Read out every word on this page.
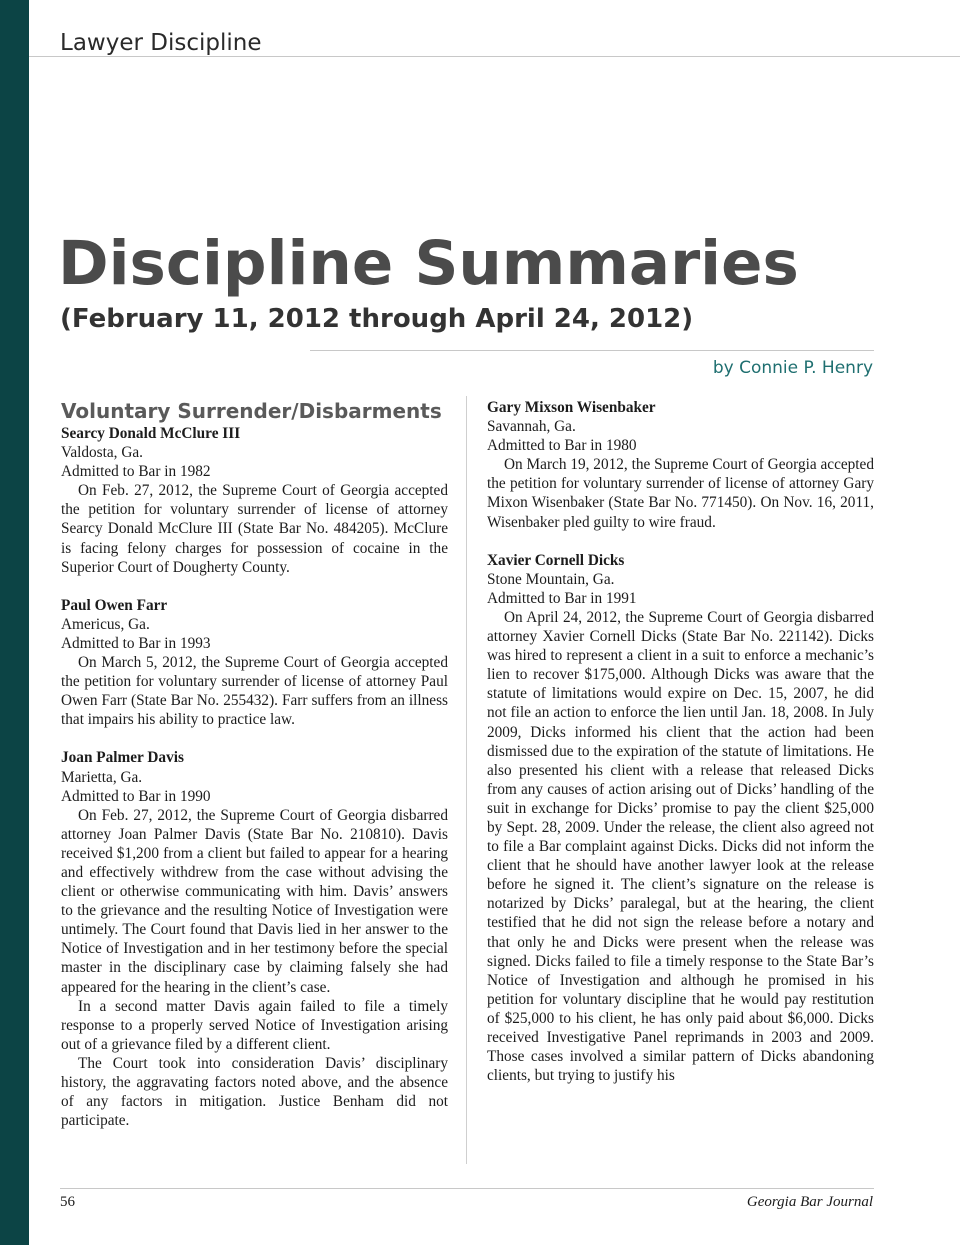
Lawyer Discipline
Discipline Summaries
(February 11, 2012 through April 24, 2012)
by Connie P. Henry
Voluntary Surrender/Disbarments
Searcy Donald McClure III
Valdosta, Ga.
Admitted to Bar in 1982

On Feb. 27, 2012, the Supreme Court of Georgia accepted the petition for voluntary surrender of license of attorney Searcy Donald McClure III (State Bar No. 484205). McClure is facing felony charges for possession of cocaine in the Superior Court of Dougherty County.

Paul Owen Farr
Americus, Ga.
Admitted to Bar in 1993

On March 5, 2012, the Supreme Court of Georgia accepted the petition for voluntary surrender of license of attorney Paul Owen Farr (State Bar No. 255432). Farr suffers from an illness that impairs his ability to practice law.

Joan Palmer Davis
Marietta, Ga.
Admitted to Bar in 1990

On Feb. 27, 2012, the Supreme Court of Georgia disbarred attorney Joan Palmer Davis (State Bar No. 210810). Davis received $1,200 from a client but failed to appear for a hearing and effectively withdrew from the case without advising the client or otherwise communicating with him. Davis’ answers to the grievance and the resulting Notice of Investigation were untimely. The Court found that Davis lied in her answer to the Notice of Investigation and in her testimony before the special master in the disciplinary case by claiming falsely she had appeared for the hearing in the client’s case.

In a second matter Davis again failed to file a timely response to a properly served Notice of Investigation arising out of a grievance filed by a different client.

The Court took into consideration Davis’ disciplinary history, the aggravating factors noted above, and the absence of any factors in mitigation. Justice Benham did not participate.

Gary Mixson Wisenbaker
Savannah, Ga.
Admitted to Bar in 1980

On March 19, 2012, the Supreme Court of Georgia accepted the petition for voluntary surrender of license of attorney Gary Mixon Wisenbaker (State Bar No. 771450). On Nov. 16, 2011, Wisenbaker pled guilty to wire fraud.

Xavier Cornell Dicks
Stone Mountain, Ga.
Admitted to Bar in 1991

On April 24, 2012, the Supreme Court of Georgia disbarred attorney Xavier Cornell Dicks (State Bar No. 221142). Dicks was hired to represent a client in a suit to enforce a mechanic’s lien to recover $175,000. Although Dicks was aware that the statute of limitations would expire on Dec. 15, 2007, he did not file an action to enforce the lien until Jan. 18, 2008. In July 2009, Dicks informed his client that the action had been dismissed due to the expiration of the statute of limitations. He also presented his client with a release that released Dicks from any causes of action arising out of Dicks’ handling of the suit in exchange for Dicks’ promise to pay the client $25,000 by Sept. 28, 2009. Under the release, the client also agreed not to file a Bar complaint against Dicks. Dicks did not inform the client that he should have another lawyer look at the release before he signed it. The client’s signature on the release is notarized by Dicks’ paralegal, but at the hearing, the client testified that he did not sign the release before a notary and that only he and Dicks were present when the release was signed. Dicks failed to file a timely response to the State Bar’s Notice of Investigation and although he promised in his petition for voluntary discipline that he would pay restitution of $25,000 to his client, he has only paid about $6,000. Dicks received Investigative Panel reprimands in 2003 and 2009. Those cases involved a similar pattern of Dicks abandoning clients, but trying to justify his

56	Georgia Bar Journal
